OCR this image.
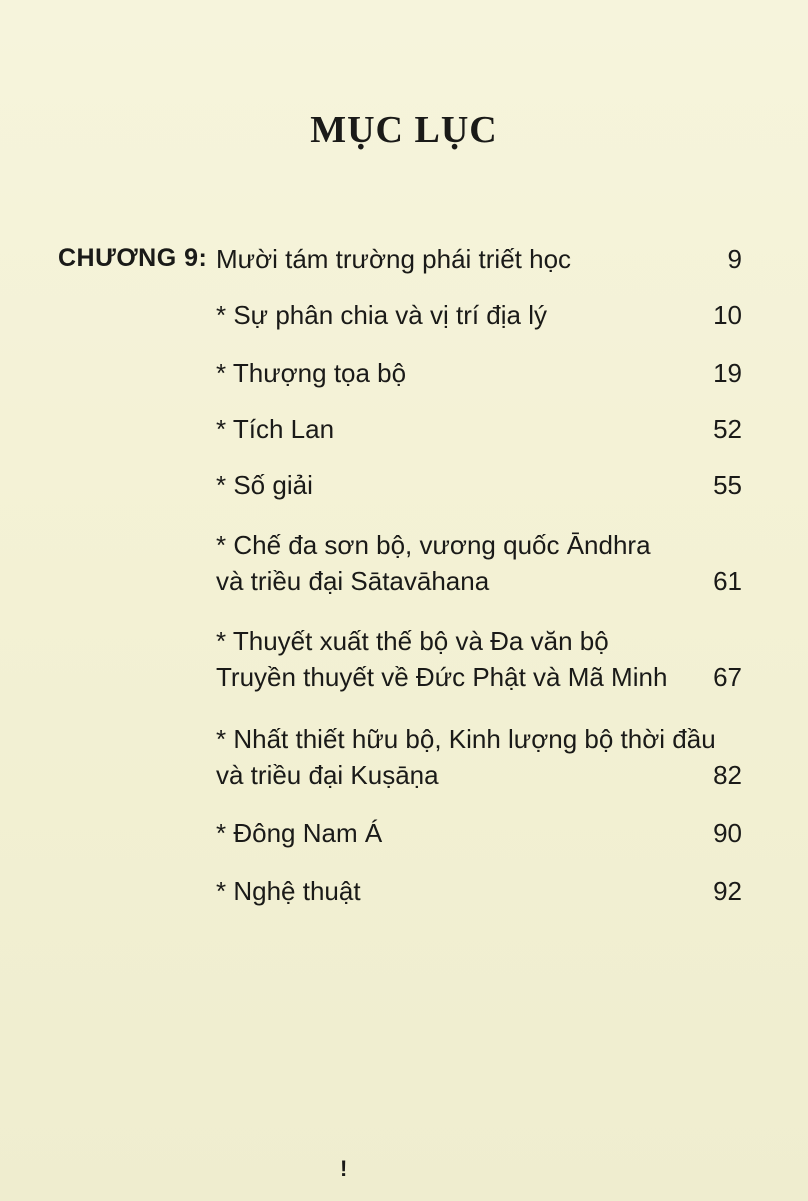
MỤC LỤC
CHƯƠNG 9: Mười tám trường phái triết học	9
* Sự phân chia và vị trí địa lý	10
* Thượng tọa bộ	19
* Tích Lan	52
* Số giải	55
* Chế đa sơn bộ, vương quốc Āndhra
và triều đại Sātavāhana	61
* Thuyết xuất thế bộ và Đa văn bộ
Truyền thuyết về Đức Phật và Mã Minh 67
* Nhất thiết hữu bộ, Kinh lượng bộ thời đầu
và triều đại Kuṣāṇa	82
* Đông Nam Á	90
* Nghệ thuật	92
!
